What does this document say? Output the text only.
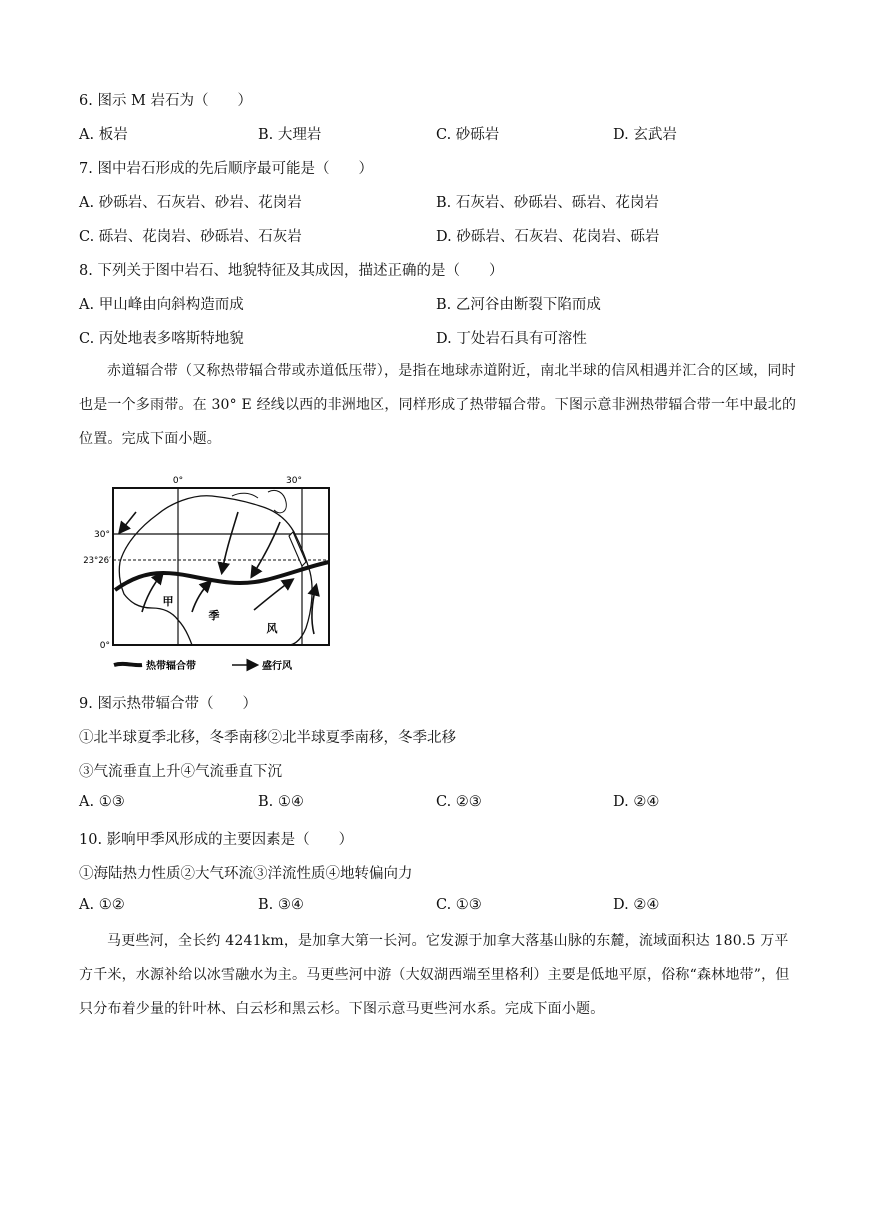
6. 图示 M 岩石为（　　）
A. 板岩	B. 大理岩	C. 砂砾岩	D. 玄武岩
7. 图中岩石形成的先后顺序最可能是（　　）
A. 砂砾岩、石灰岩、砂岩、花岗岩	B. 石灰岩、砂砾岩、砾岩、花岗岩
C. 砾岩、花岗岩、砂砾岩、石灰岩	D. 砂砾岩、石灰岩、花岗岩、砾岩
8. 下列关于图中岩石、地貌特征及其成因，描述正确的是（　　）
A. 甲山峰由向斜构造而成	B. 乙河谷由断裂下陷而成
C. 丙处地表多喀斯特地貌	D. 丁处岩石具有可溶性
赤道辐合带（又称热带辐合带或赤道低压带），是指在地球赤道附近，南北半球的信风相遇并汇合的区域，同时也是一个多雨带。在 30° E 经线以西的非洲地区，同样形成了热带辐合带。下图示意非洲热带辐合带一年中最北的位置。完成下面小题。
0°	30°
30°
23°26′
0°
甲
季
风
热带辐合带	盛行风
9. 图示热带辐合带（　　）
①北半球夏季北移，冬季南移②北半球夏季南移，冬季北移
③气流垂直上升④气流垂直下沉
A. ①③	B. ①④	C. ②③	D. ②④
10. 影响甲季风形成的主要因素是（　　）
①海陆热力性质②大气环流③洋流性质④地转偏向力
A. ①②	B. ③④	C. ①③	D. ②④
马更些河，全长约 4241km，是加拿大第一长河。它发源于加拿大落基山脉的东麓，流域面积达 180.5 万平方千米，水源补给以冰雪融水为主。马更些河中游（大奴湖西端至里格利）主要是低地平原，俗称“森林地带”，但只分布着少量的针叶林、白云杉和黑云杉。下图示意马更些河水系。完成下面小题。
